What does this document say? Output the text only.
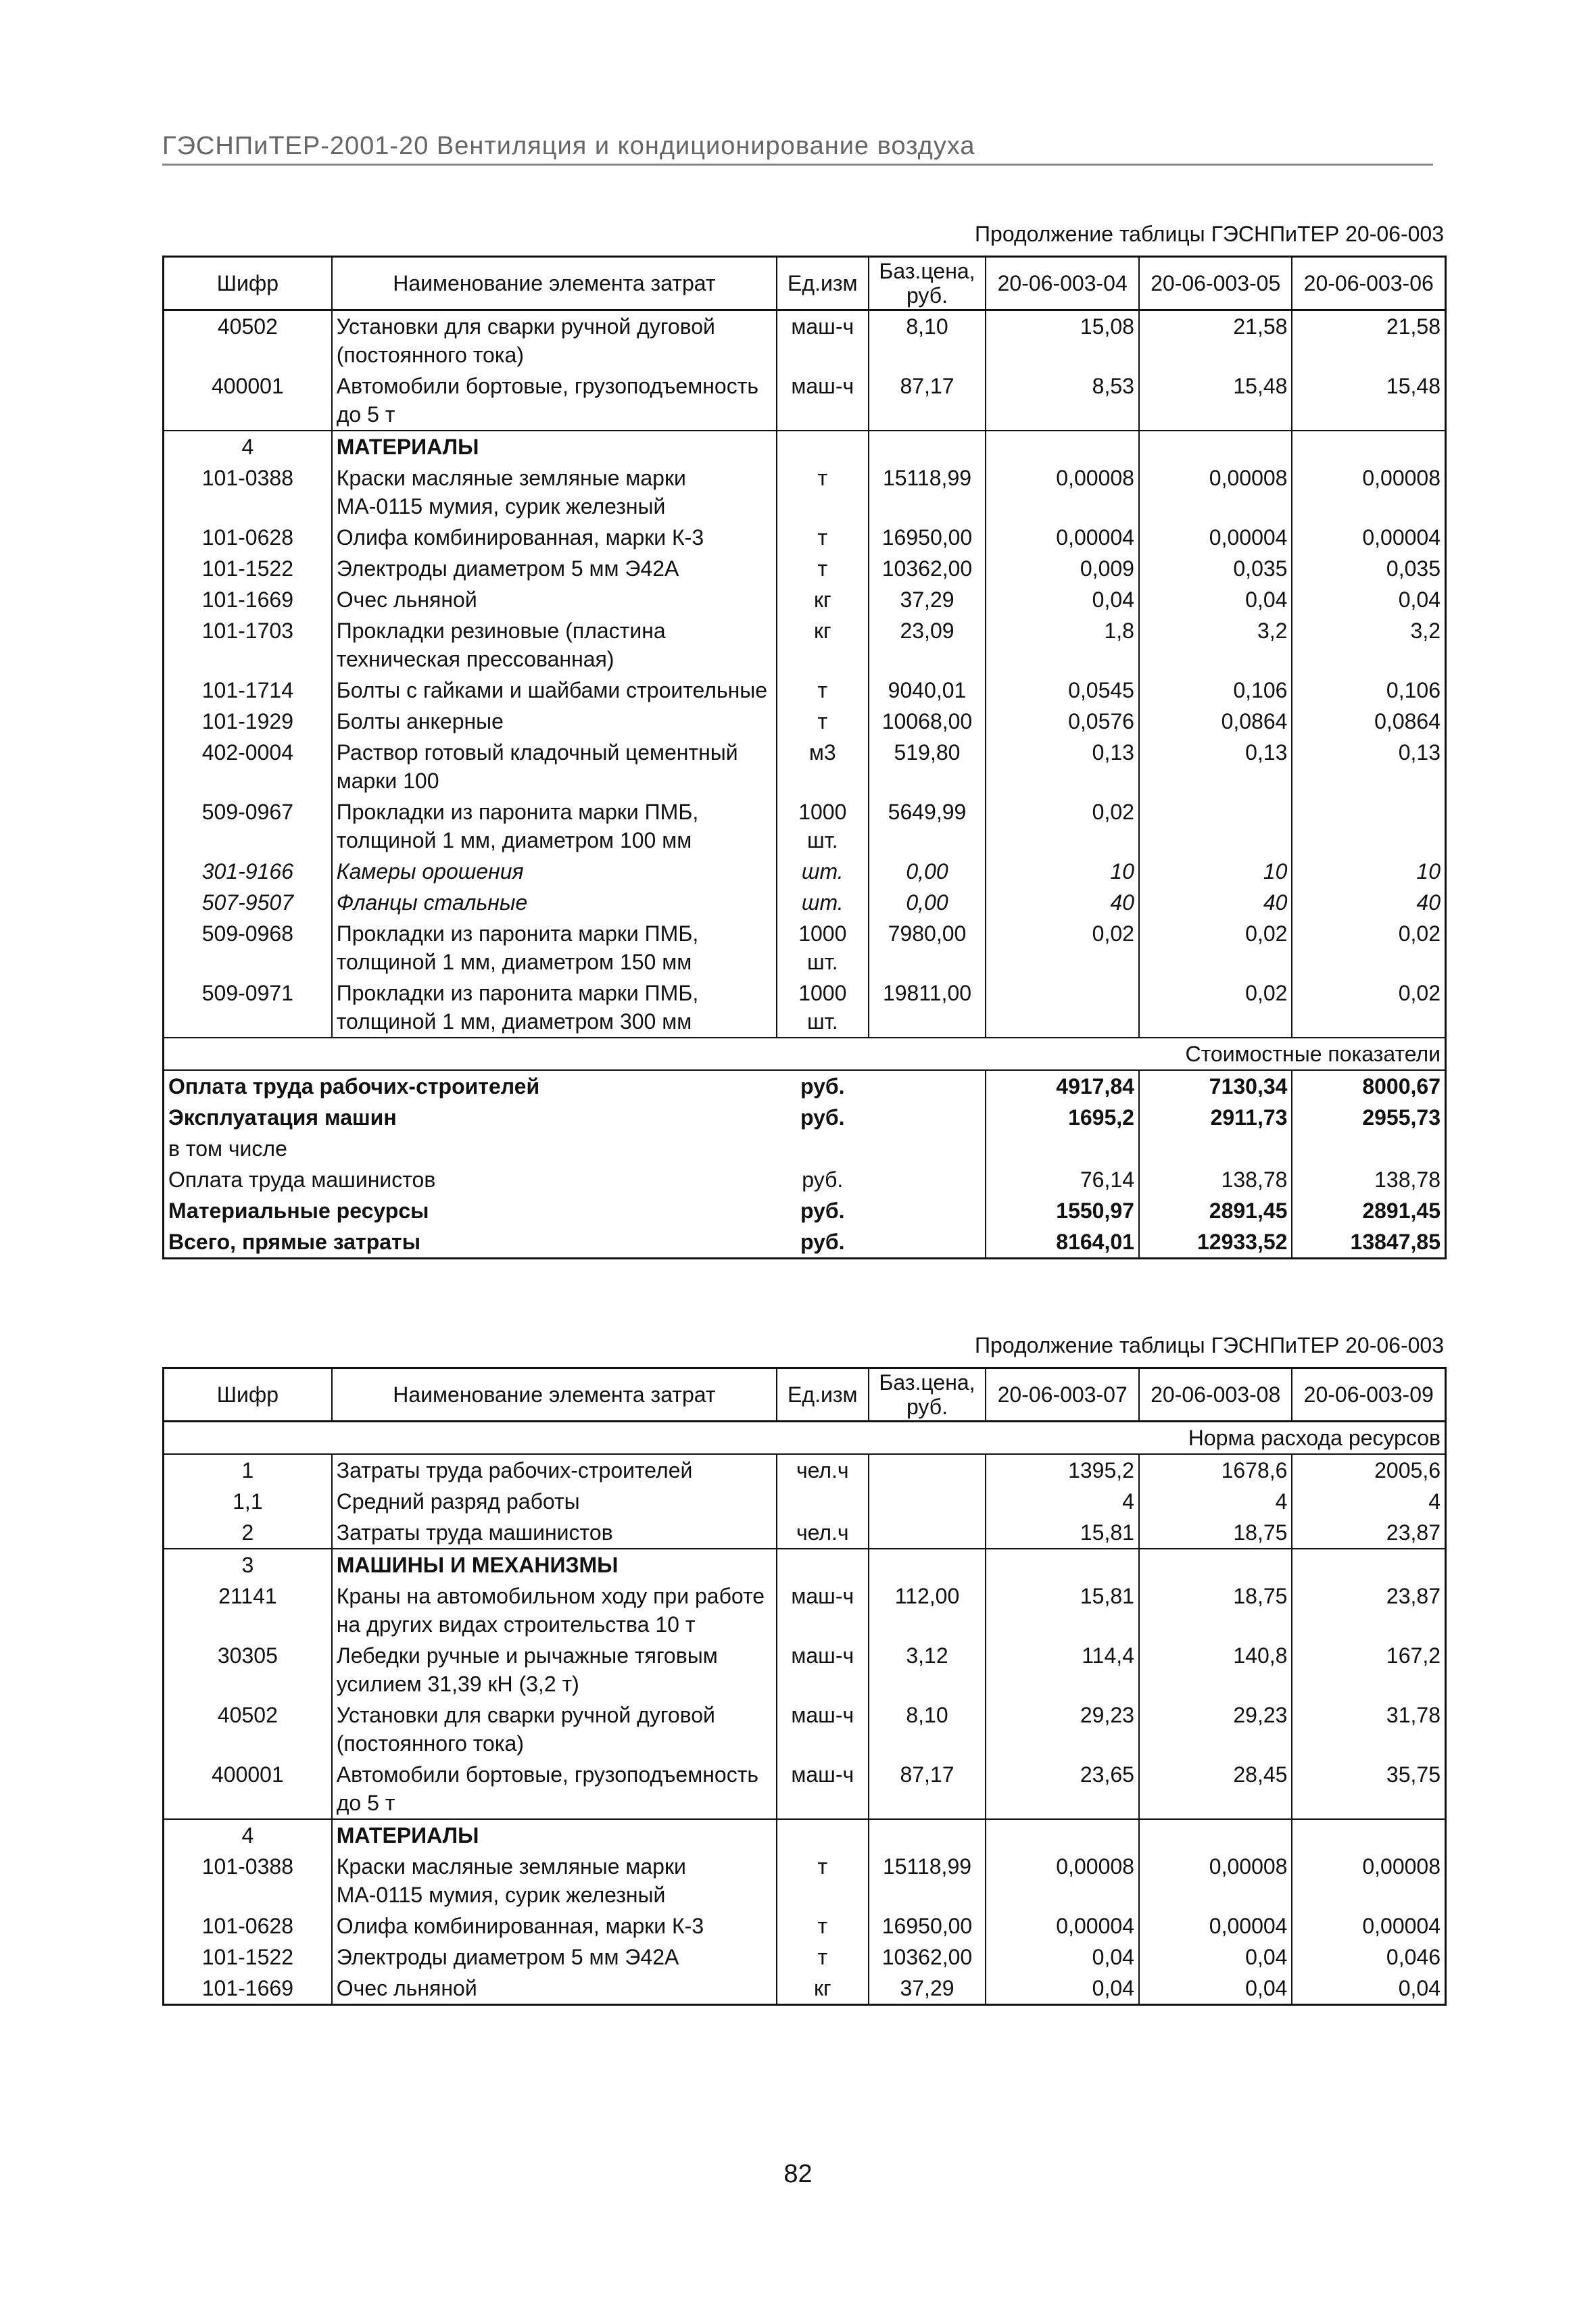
ГЭСНПиТЕР-2001-20 Вентиляция и кондиционирование воздуха
Продолжение таблицы ГЭСНПиТЕР 20-06-003
Шифр	Наименование элемента затрат	Ед.изм	Баз.цена, руб.	20-06-003-04	20-06-003-05	20-06-003-06
40502	Установки для сварки ручной дуговой (постоянного тока)	маш-ч	8,10	15,08	21,58	21,58
400001	Автомобили бортовые, грузоподъемность до 5 т	маш-ч	87,17	8,53	15,48	15,48
4	МАТЕРИАЛЫ					
101-0388	Краски масляные земляные марки МА-0115 мумия, сурик железный	т	15118,99	0,00008	0,00008	0,00008
101-0628	Олифа комбинированная, марки К-3	т	16950,00	0,00004	0,00004	0,00004
101-1522	Электроды диаметром 5 мм Э42А	т	10362,00	0,009	0,035	0,035
101-1669	Очес льняной	кг	37,29	0,04	0,04	0,04
101-1703	Прокладки резиновые (пластина техническая прессованная)	кг	23,09	1,8	3,2	3,2
101-1714	Болты с гайками и шайбами строительные	т	9040,01	0,0545	0,106	0,106
101-1929	Болты анкерные	т	10068,00	0,0576	0,0864	0,0864
402-0004	Раствор готовый кладочный цементный марки 100	м3	519,80	0,13	0,13	0,13
509-0967	Прокладки из паронита марки ПМБ, толщиной 1 мм, диаметром 100 мм	1000 шт.	5649,99	0,02		
301-9166	Камеры орошения	шт.	0,00	10	10	10
507-9507	Фланцы стальные	шт.	0,00	40	40	40
509-0968	Прокладки из паронита марки ПМБ, толщиной 1 мм, диаметром 150 мм	1000 шт.	7980,00	0,02	0,02	0,02
509-0971	Прокладки из паронита марки ПМБ, толщиной 1 мм, диаметром 300 мм	1000 шт.	19811,00		0,02	0,02
Стоимостные показатели						
Оплата труда рабочих-строителей		руб.		4917,84	7130,34	8000,67
Эксплуатация машин		руб.		1695,2	2911,73	2955,73
в том числе						
Оплата труда машинистов		руб.		76,14	138,78	138,78
Материальные ресурсы		руб.		1550,97	2891,45	2891,45
Всего, прямые затраты		руб.		8164,01	12933,52	13847,85
Продолжение таблицы ГЭСНПиТЕР 20-06-003
Шифр	Наименование элемента затрат	Ед.изм	Баз.цена, руб.	20-06-003-07	20-06-003-08	20-06-003-09
Норма расхода ресурсов						
1	Затраты труда рабочих-строителей	чел.ч		1395,2	1678,6	2005,6
1,1	Средний разряд работы			4	4	4
2	Затраты труда машинистов	чел.ч		15,81	18,75	23,87
3	МАШИНЫ И МЕХАНИЗМЫ					
21141	Краны на автомобильном ходу при работе на других видах строительства 10 т	маш-ч	112,00	15,81	18,75	23,87
30305	Лебедки ручные и рычажные тяговым усилием 31,39 кН (3,2 т)	маш-ч	3,12	114,4	140,8	167,2
40502	Установки для сварки ручной дуговой (постоянного тока)	маш-ч	8,10	29,23	29,23	31,78
400001	Автомобили бортовые, грузоподъемность до 5 т	маш-ч	87,17	23,65	28,45	35,75
4	МАТЕРИАЛЫ					
101-0388	Краски масляные земляные марки МА-0115 мумия, сурик железный	т	15118,99	0,00008	0,00008	0,00008
101-0628	Олифа комбинированная, марки К-3	т	16950,00	0,00004	0,00004	0,00004
101-1522	Электроды диаметром 5 мм Э42А	т	10362,00	0,04	0,04	0,046
101-1669	Очес льняной	кг	37,29	0,04	0,04	0,04
82
